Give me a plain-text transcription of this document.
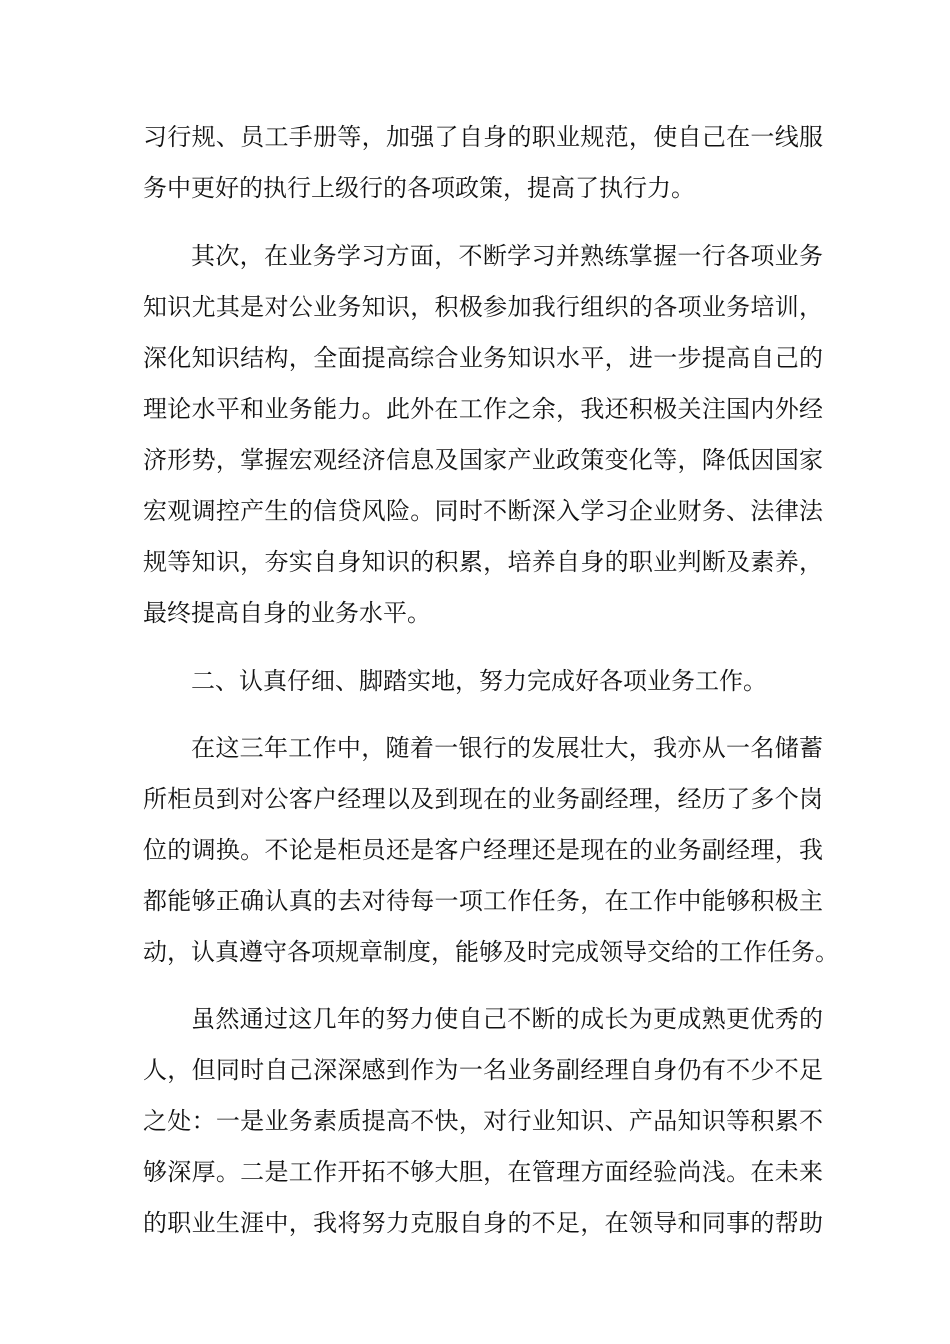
习行规、员工手册等，加强了自身的职业规范，使自己在一线服
务中更好的执行上级行的各项政策，提高了执行力。
其次，在业务学习方面，不断学习并熟练掌握一行各项业务
知识尤其是对公业务知识，积极参加我行组织的各项业务培训，
深化知识结构，全面提高综合业务知识水平，进一步提高自己的
理论水平和业务能力。此外在工作之余，我还积极关注国内外经
济形势，掌握宏观经济信息及国家产业政策变化等，降低因国家
宏观调控产生的信贷风险。同时不断深入学习企业财务、法律法
规等知识，夯实自身知识的积累，培养自身的职业判断及素养，
最终提高自身的业务水平。
二、认真仔细、脚踏实地，努力完成好各项业务工作。
在这三年工作中，随着一银行的发展壮大，我亦从一名储蓄
所柜员到对公客户经理以及到现在的业务副经理，经历了多个岗
位的调换。不论是柜员还是客户经理还是现在的业务副经理，我
都能够正确认真的去对待每一项工作任务，在工作中能够积极主
动，认真遵守各项规章制度，能够及时完成领导交给的工作任务。
虽然通过这几年的努力使自己不断的成长为更成熟更优秀的
人，但同时自己深深感到作为一名业务副经理自身仍有不少不足
之处：一是业务素质提高不快，对行业知识、产品知识等积累不
够深厚。二是工作开拓不够大胆，在管理方面经验尚浅。在未来
的职业生涯中，我将努力克服自身的不足，在领导和同事的帮助
